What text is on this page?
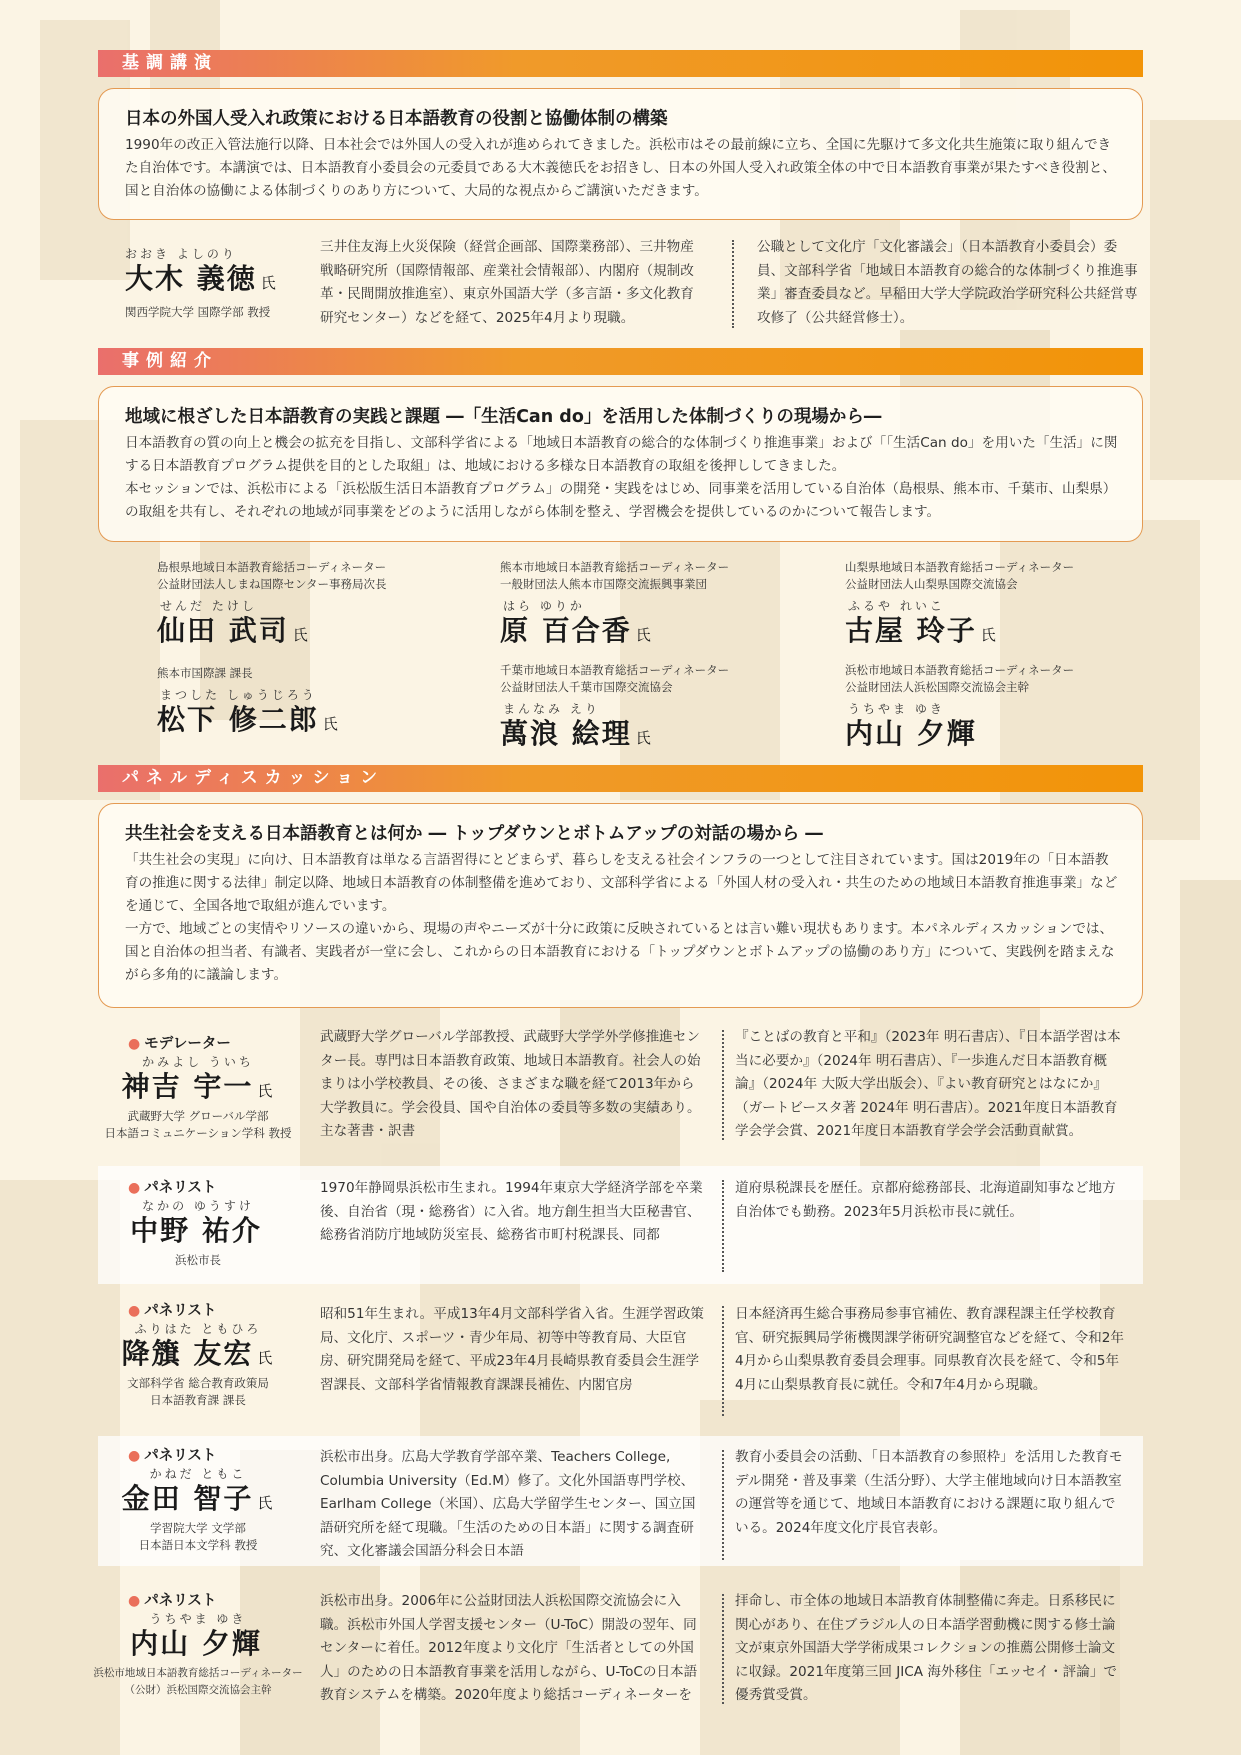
基調講演
日本の外国人受入れ政策における日本語教育の役割と協働体制の構築

1990年の改正入管法施行以降、日本社会では外国人の受入れが進められてきました。浜松市はその最前線に立ち、全国に先駆けて多文化共生施策に取り組んできた自治体です。本講演では、日本語教育小委員会の元委員である大木義徳氏をお招きし、日本の外国人受入れ政策全体の中で日本語教育事業が果たすべき役割と、国と自治体の協働による体制づくりのあり方について、大局的な視点からご講演いただきます。

おおき よしのり
大木 義徳 氏
関西学院大学 国際学部 教授
三井住友海上火災保険（経営企画部、国際業務部）、三井物産戦略研究所（国際情報部、産業社会情報部）、内閣府（規制改革・民間開放推進室）、東京外国語大学（多言語・多文化教育研究センター）などを経て、2025年4月より現職。
公職として文化庁「文化審議会」（日本語教育小委員会）委員、文部科学省「地域日本語教育の総合的な体制づくり推進事業」審査委員など。早稲田大学大学院政治学研究科公共経営専攻修了（公共経営修士）。
事例紹介
地域に根ざした日本語教育の実践と課題 ―「生活Can do」を活用した体制づくりの現場から―

日本語教育の質の向上と機会の拡充を目指し、文部科学省による「地域日本語教育の総合的な体制づくり推進事業」および「「生活Can do」を用いた「生活」に関する日本語教育プログラム提供を目的とした取組」は、地域における多様な日本語教育の取組を後押ししてきました。

本セッションでは、浜松市による「浜松版生活日本語教育プログラム」の開発・実践をはじめ、同事業を活用している自治体（島根県、熊本市、千葉市、山梨県）の取組を共有し、それぞれの地域が同事業をどのように活用しながら体制を整え、学習機会を提供しているのかについて報告します。

島根県地域日本語教育総括コーディネーター
公益財団法人しまね国際センター事務局次長
せんだ たけし
仙田 武司 氏
熊本市地域日本語教育総括コーディネーター
一般財団法人熊本市国際交流振興事業団
はら ゆりか
原 百合香 氏
山梨県地域日本語教育総括コーディネーター
公益財団法人山梨県国際交流協会
ふるや れいこ
古屋 玲子 氏
熊本市国際課 課長
まつした しゅうじろう
松下 修二郎 氏
千葉市地域日本語教育総括コーディネーター
公益財団法人千葉市国際交流協会
まんなみ えり
萬浪 絵理 氏
浜松市地域日本語教育総括コーディネーター
公益財団法人浜松国際交流協会主幹
うちやま ゆき
内山 夕輝
パネルディスカッション
共生社会を支える日本語教育とは何か ― トップダウンとボトムアップの対話の場から ―

「共生社会の実現」に向け、日本語教育は単なる言語習得にとどまらず、暮らしを支える社会インフラの一つとして注目されています。国は2019年の「日本語教育の推進に関する法律」制定以降、地域日本語教育の体制整備を進めており、文部科学省による「外国人材の受入れ・共生のための地域日本語教育推進事業」などを通じて、全国各地で取組が進んでいます。

一方で、地域ごとの実情やリソースの違いから、現場の声やニーズが十分に政策に反映されているとは言い難い現状もあります。本パネルディスカッションでは、国と自治体の担当者、有識者、実践者が一堂に会し、これからの日本語教育における「トップダウンとボトムアップの協働のあり方」について、実践例を踏まえながら多角的に議論します。

● モデレーター
かみよし ういち
神吉 宇一 氏
武蔵野大学 グローバル学部
日本語コミュニケーション学科 教授
武蔵野大学グローバル学部教授、武蔵野大学学外学修推進センター長。専門は日本語教育政策、地域日本語教育。社会人の始まりは小学校教員、その後、さまざまな職を経て2013年から大学教員に。学会役員、国や自治体の委員等多数の実績あり。主な著書・訳書
『ことばの教育と平和』（2023年 明石書店）、『日本語学習は本当に必要か』（2024年 明石書店）、『一歩進んだ日本語教育概論』（2024年 大阪大学出版会）、『よい教育研究とはなにか』（ガートビースタ著 2024年 明石書店）。2021年度日本語教育学会学会賞、2021年度日本語教育学会学会活動貢献賞。
● パネリスト
なかの ゆうすけ
中野 祐介
浜松市長
1970年静岡県浜松市生まれ。1994年東京大学経済学部を卒業後、自治省（現・総務省）に入省。地方創生担当大臣秘書官、総務省消防庁地域防災室長、総務省市町村税課長、同都
道府県税課長を歴任。京都府総務部長、北海道副知事など地方自治体でも勤務。2023年5月浜松市長に就任。
● パネリスト
ふりはた ともひろ
降籏 友宏 氏
文部科学省 総合教育政策局
日本語教育課 課長
昭和51年生まれ。平成13年4月文部科学省入省。生涯学習政策局、文化庁、スポーツ・青少年局、初等中等教育局、大臣官房、研究開発局を経て、平成23年4月長崎県教育委員会生涯学習課長、文部科学省情報教育課課長補佐、内閣官房
日本経済再生総合事務局参事官補佐、教育課程課主任学校教育官、研究振興局学術機関課学術研究調整官などを経て、令和2年4月から山梨県教育委員会理事。同県教育次長を経て、令和5年4月に山梨県教育長に就任。令和7年4月から現職。
● パネリスト
かねだ ともこ
金田 智子 氏
学習院大学 文学部
日本語日本文学科 教授
浜松市出身。広島大学教育学部卒業、Teachers College, Columbia University（Ed.M）修了。文化外国語専門学校、Earlham College（米国）、広島大学留学生センター、国立国語研究所を経て現職。「生活のための日本語」に関する調査研究、文化審議会国語分科会日本語
教育小委員会の活動、「日本語教育の参照枠」を活用した教育モデル開発・普及事業（生活分野）、大学主催地域向け日本語教室の運営等を通じて、地域日本語教育における課題に取り組んでいる。2024年度文化庁長官表彰。
● パネリスト
うちやま ゆき
内山 夕輝
浜松市地域日本語教育総括コーディネーター
（公財）浜松国際交流協会主幹
浜松市出身。2006年に公益財団法人浜松国際交流協会に入職。浜松市外国人学習支援センター（U-ToC）開設の翌年、同センターに着任。2012年度より文化庁「生活者としての外国人」のための日本語教育事業を活用しながら、U-ToCの日本語教育システムを構築。2020年度より総括コーディネーターを
拝命し、市全体の地域日本語教育体制整備に奔走。日系移民に関心があり、在住ブラジル人の日本語学習動機に関する修士論文が東京外国語大学学術成果コレクションの推薦公開修士論文に収録。2021年度第三回 JICA 海外移住「エッセイ・評論」で優秀賞受賞。
